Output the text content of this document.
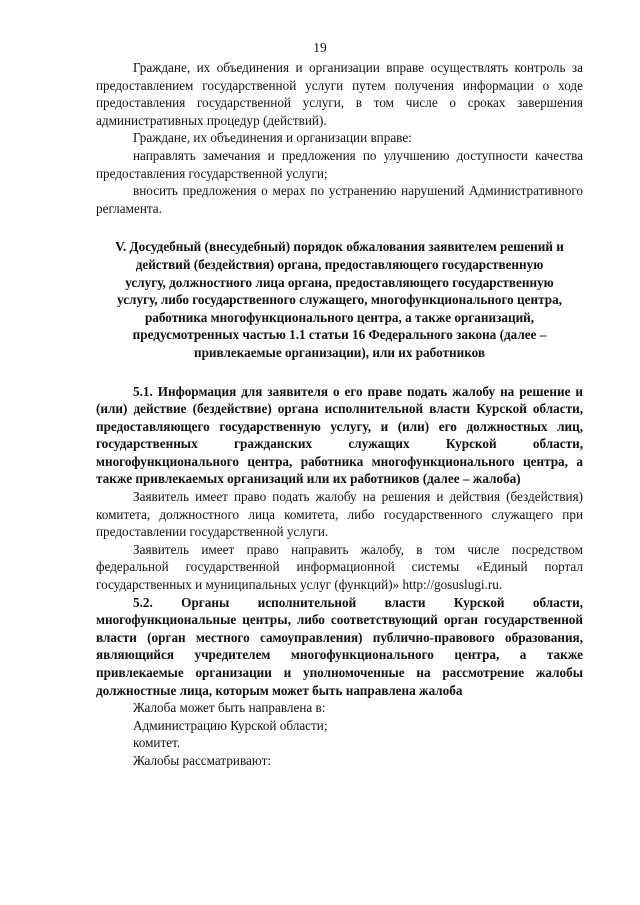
19

Граждане, их объединения и организации вправе осуществлять контроль за предоставлением государственной услуги путем получения информации о ходе предоставления государственной услуги, в том числе о сроках завершения административных процедур (действий).

Граждане, их объединения и организации вправе:

направлять замечания и предложения по улучшению доступности качества предоставления государственной услуги;

вносить предложения о мерах по устранению нарушений Административного регламента.

V. Досудебный (внесудебный) порядок обжалования заявителем решений и действий (бездействия) органа, предоставляющего государственную услугу, должностного лица органа, предоставляющего государственную услугу, либо государственного служащего, многофункционального центра, работника многофункционального центра, а также организаций, предусмотренных частью 1.1 статьи 16 Федерального закона (далее – привлекаемые организации), или их работников

5.1. Информация для заявителя о его праве подать жалобу на решение и (или) действие (бездействие) органа исполнительной власти Курской области, предоставляющего государственную услугу, и (или) его должностных лиц, государственных гражданских служащих Курской области, многофункционального центра, работника многофункционального центра, а также привлекаемых организаций или их работников (далее – жалоба)

Заявитель имеет право подать жалобу на решения и действия (бездействия) комитета, должностного лица комитета, либо государственного служащего при предоставлении государственной услуги.

Заявитель имеет право направить жалобу, в том числе посредством федеральной государственной информационной системы «Единый портал государственных и муниципальных услуг (функций)» http://gosuslugi.ru.

5.2. Органы исполнительной власти Курской области, многофункциональные центры, либо соответствующий орган государственной власти (орган местного самоуправления) публично-правового образования, являющийся учредителем многофункционального центра, а также привлекаемые организации и уполномоченные на рассмотрение жалобы должностные лица, которым может быть направлена жалоба

Жалоба может быть направлена в:

Администрацию Курской области;

комитет.

Жалобы рассматривают:
